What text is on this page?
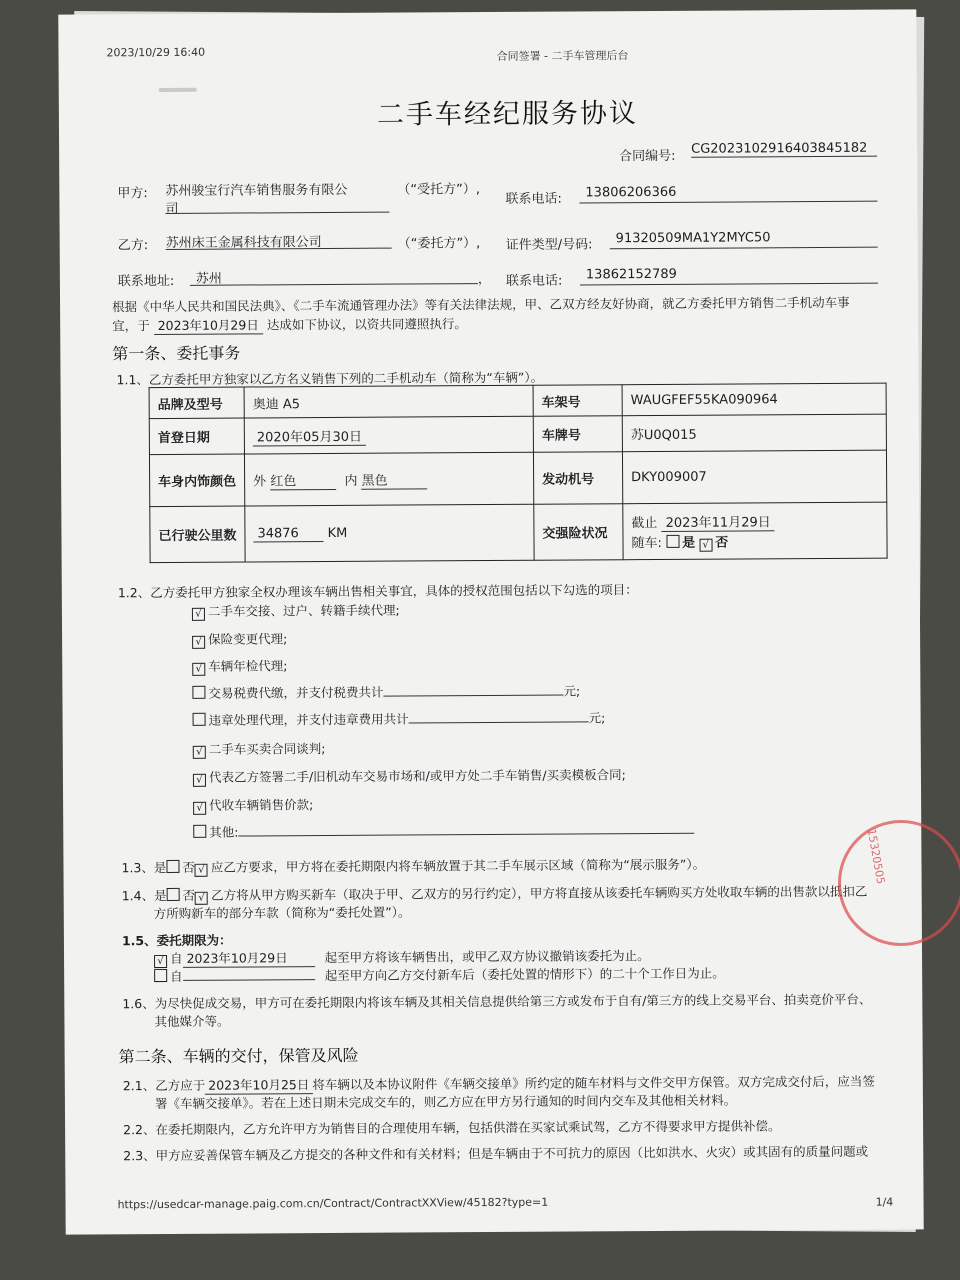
2023/10/29 16:40	合同签署 - 二手车管理后台
二手车经纪服务协议
合同编号: CG2023102916403845182
甲方: 苏州骏宝行汽车销售服务有限公
司
（“受托方”）,
联系电话: 13806206366
乙方: 苏州床王金属科技有限公司	（“委托方”）, 证件类型/号码: 91320509MA1Y2MYC50
联系地址: 苏州	， 联系电话: 13862152789
根据《中华人民共和国民法典》、《二手车流通管理办法》等有关法律法规，甲、乙双方经友好协商，就乙方委托甲方销售二手机动车事
宜，于 2023年10月29日 达成如下协议，以资共同遵照执行。
第一条、委托事务
1.1、乙方委托甲方独家以乙方名义销售下列的二手机动车（简称为“车辆”）。
品牌及型号	奥迪 A5	车架号	WAUGFEF55KA090964
首登日期	2020年05月30日	车牌号	苏U0Q015
车身内饰颜色	外 红色 内 黑色	发动机号	DKY009007
已行驶公里数	34876 KM	交强险状况	截止 2023年11月29日
随车: 是 √ 否
1.2、乙方委托甲方独家全权办理该车辆出售相关事宜，具体的授权范围包括以下勾选的项目：
√ 二手车交接、过户、转籍手续代理;
√ 保险变更代理;
√ 车辆年检代理;
交易税费代缴，并支付税费共计	元;
违章处理代理，并支付违章费用共计	元;
√ 二手车买卖合同谈判;
√ 代表乙方签署二手/旧机动车交易市场和/或甲方处二手车销售/买卖模板合同;
√ 代收车辆销售价款;
其他:
1.3、是 否 √ 应乙方要求，甲方将在委托期限内将车辆放置于其二手车展示区域（简称为“展示服务”）。
1.4、是 否 √ 乙方将从甲方购买新车（取决于甲、乙双方的另行约定），甲方将直接从该委托车辆购买方处收取车辆的出售款以抵扣乙
方所购新车的部分车款（简称为“委托处置”）。
1.5、委托期限为：
√ 自 2023年10月29日	起至甲方将该车辆售出，或甲乙双方协议撤销该委托为止。
自	起至甲方向乙方交付新车后（委托处置的情形下）的二十个工作日为止。
1.6、为尽快促成交易，甲方可在委托期限内将该车辆及其相关信息提供给第三方或发布于自有/第三方的线上交易平台、拍卖竞价平台、
其他媒介等。
第二条、车辆的交付，保管及风险
2.1、乙方应于 2023年10月25日 将车辆以及本协议附件《车辆交接单》所约定的随车材料与文件交甲方保管。双方完成交付后，应当签
署《车辆交接单》。若在上述日期未完成交车的，则乙方应在甲方另行通知的时间内交车及其他相关材料。
2.2、在委托期限内，乙方允许甲方为销售目的合理使用车辆，包括供潜在买家试乘试驾，乙方不得要求甲方提供补偿。
2.3、甲方应妥善保管车辆及乙方提交的各种文件和有关材料；但是车辆由于不可抗力的原因（比如洪水、火灾）或其固有的质量问题或
https://usedcar-manage.paig.com.cn/Contract/ContractXXView/45182?type=1	1/4
15320505
